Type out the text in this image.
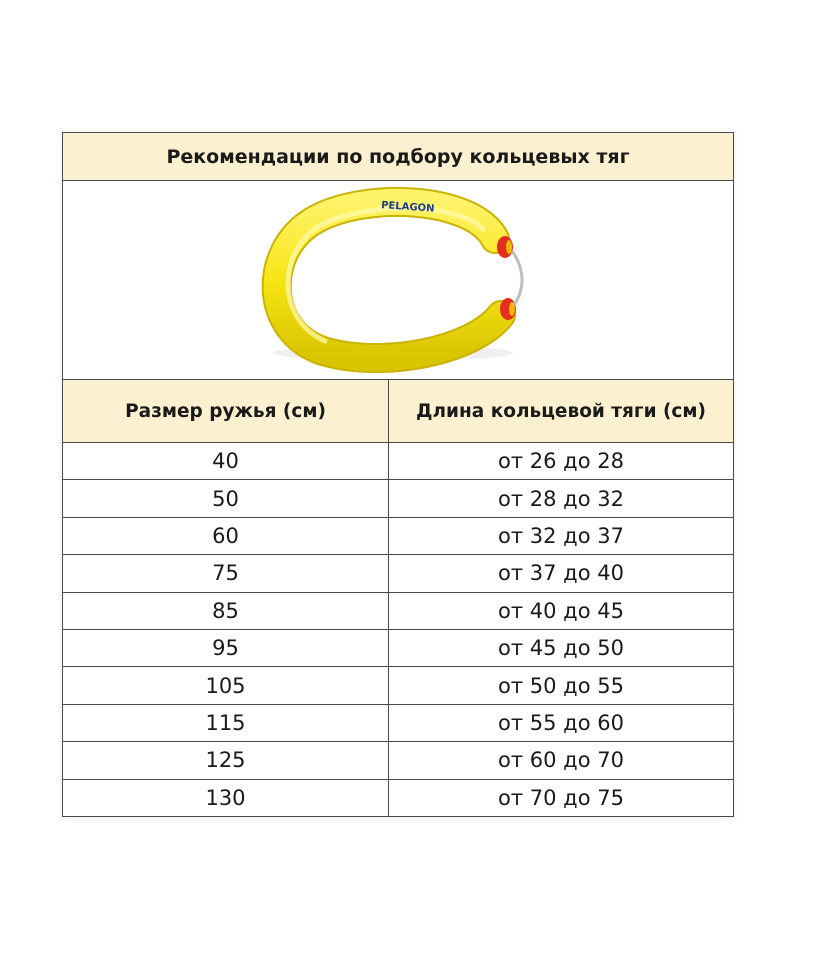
Рекомендации по подбору кольцевых тяг
PELAGON
Размер ружья (см)	Длина кольцевой тяги (см)
40	от 26 до 28
50	от 28 до 32
60	от 32 до 37
75	от 37 до 40
85	от 40 до 45
95	от 45 до 50
105	от 50 до 55
115	от 55 до 60
125	от 60 до 70
130	от 70 до 75
